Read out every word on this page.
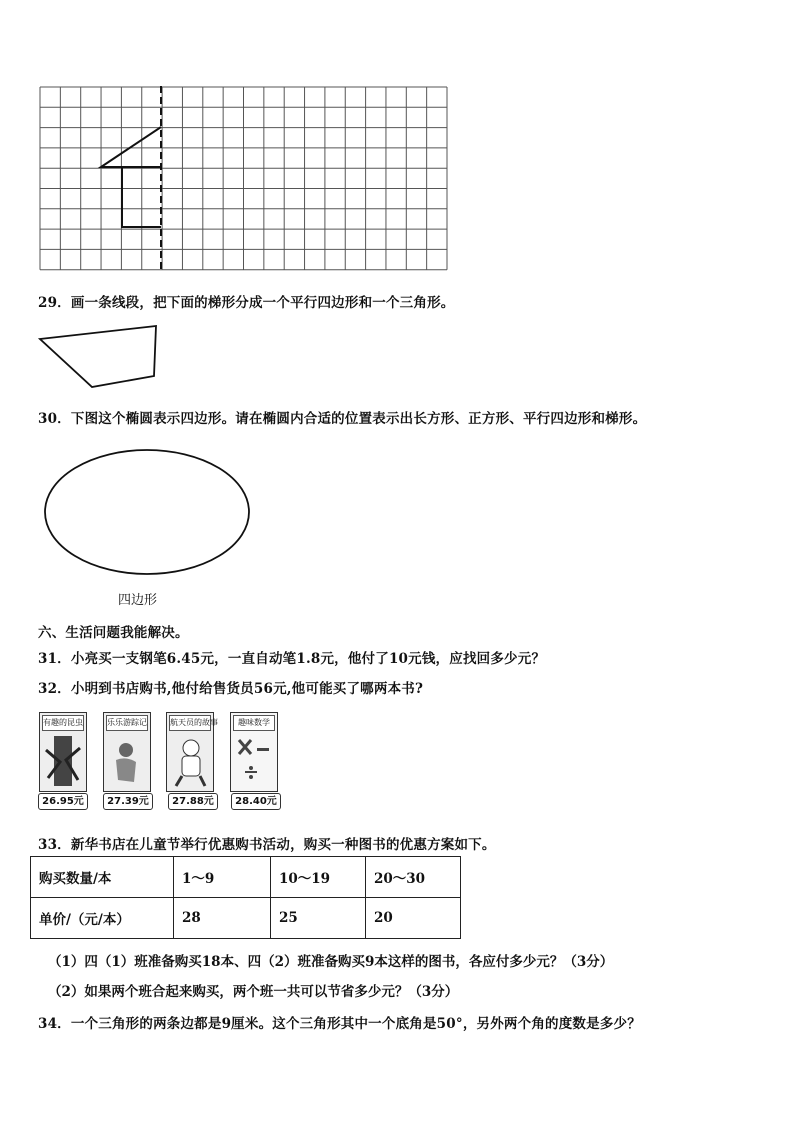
29．画一条线段，把下面的梯形分成一个平行四边形和一个三角形。
30．下图这个椭圆表示四边形。请在椭圆内合适的位置表示出长方形、正方形、平行四边形和梯形。
四边形
六、生活问题我能解决。
31．小亮买一支钢笔6.45元，一直自动笔1.8元，他付了10元钱，应找回多少元？
32．小明到书店购书,他付给售货员56元,他可能买了哪两本书?
有趣的昆虫
26.95元
乐乐游踪记
27.39元
航天员的故事
27.88元
趣味数学
28.40元
33．新华书店在儿童节举行优惠购书活动，购买一种图书的优惠方案如下。
购买数量/本	1～9	10～19	20～30
单价/（元/本）	28	25	20
（1）四（1）班准备购买18本、四（2）班准备购买9本这样的图书，各应付多少元？（3分）
（2）如果两个班合起来购买，两个班一共可以节省多少元？（3分）
34．一个三角形的两条边都是9厘米。这个三角形其中一个底角是50°，另外两个角的度数是多少？
